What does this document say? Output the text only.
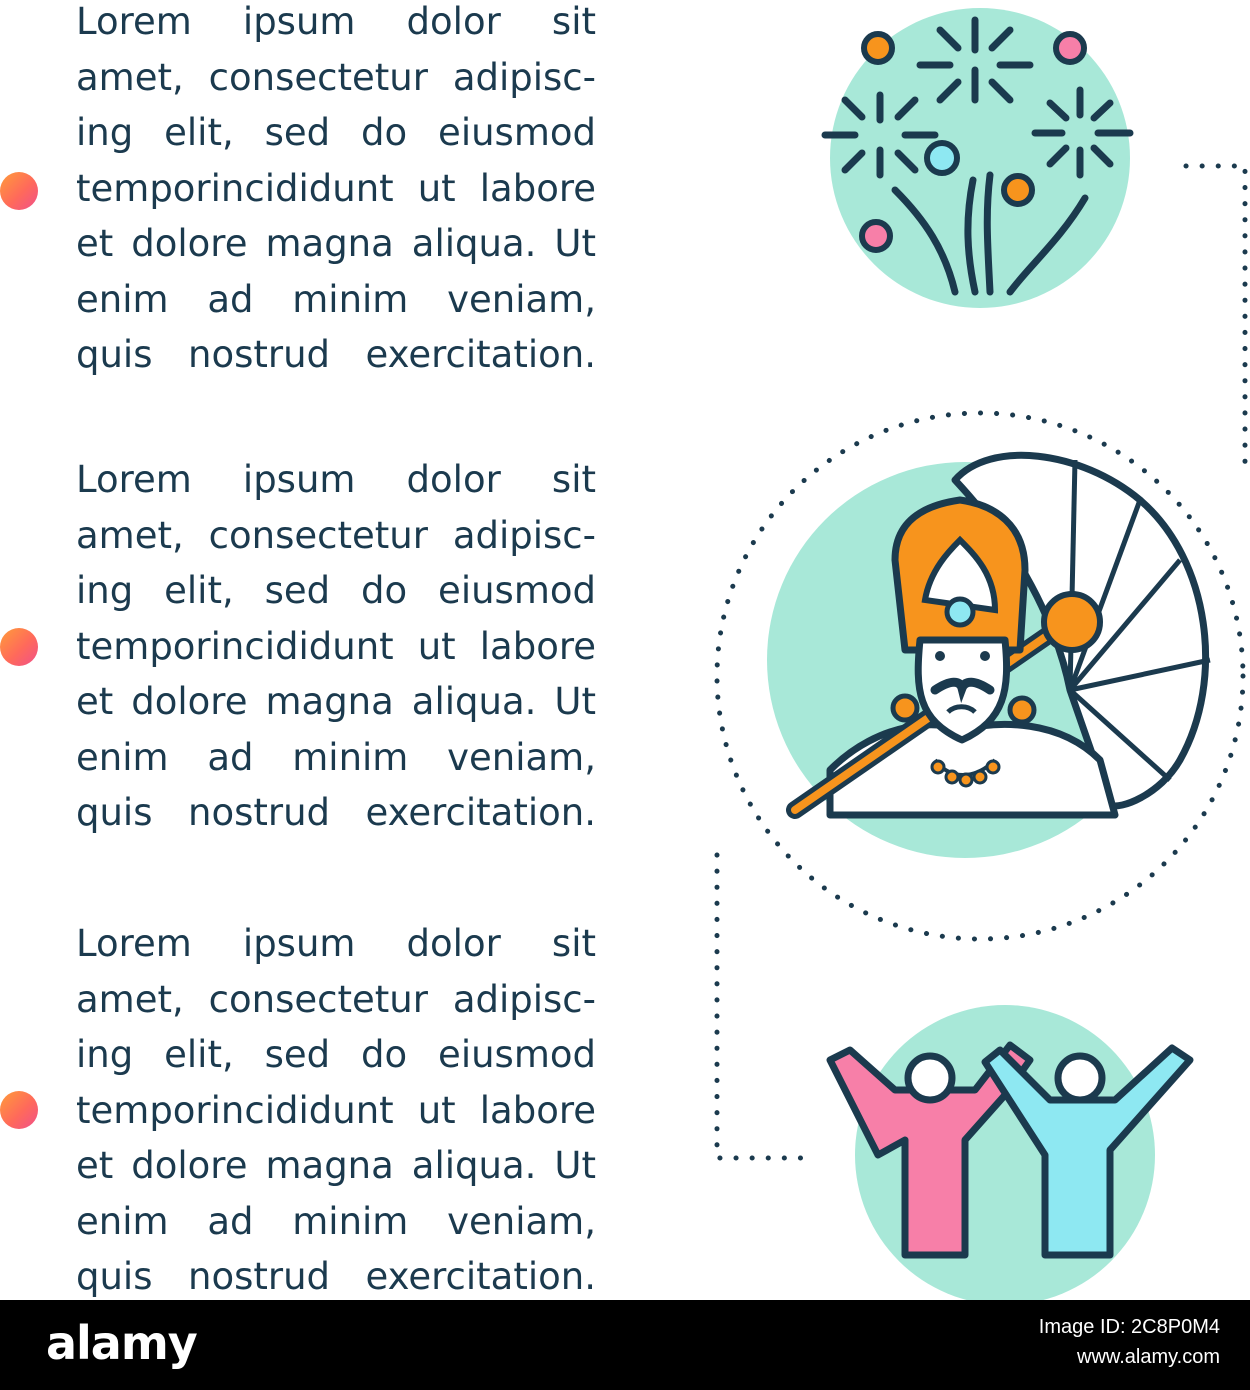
Lorem ipsum dolor sit amet, consectetur adipisc- ing elit, sed do eiusmod temporincididunt ut labore et dolore magna aliqua. Ut enim ad minim veniam, quis nostrud exercitation.

Lorem ipsum dolor sit amet, consectetur adipisc- ing elit, sed do eiusmod temporincididunt ut labore et dolore magna aliqua. Ut enim ad minim veniam, quis nostrud exercitation.

Lorem ipsum dolor sit amet, consectetur adipisc- ing elit, sed do eiusmod temporincididunt ut labore et dolore magna aliqua. Ut enim ad minim veniam, quis nostrud exercitation.

alamy	Image ID: 2C8P0M4
www.alamy.com
